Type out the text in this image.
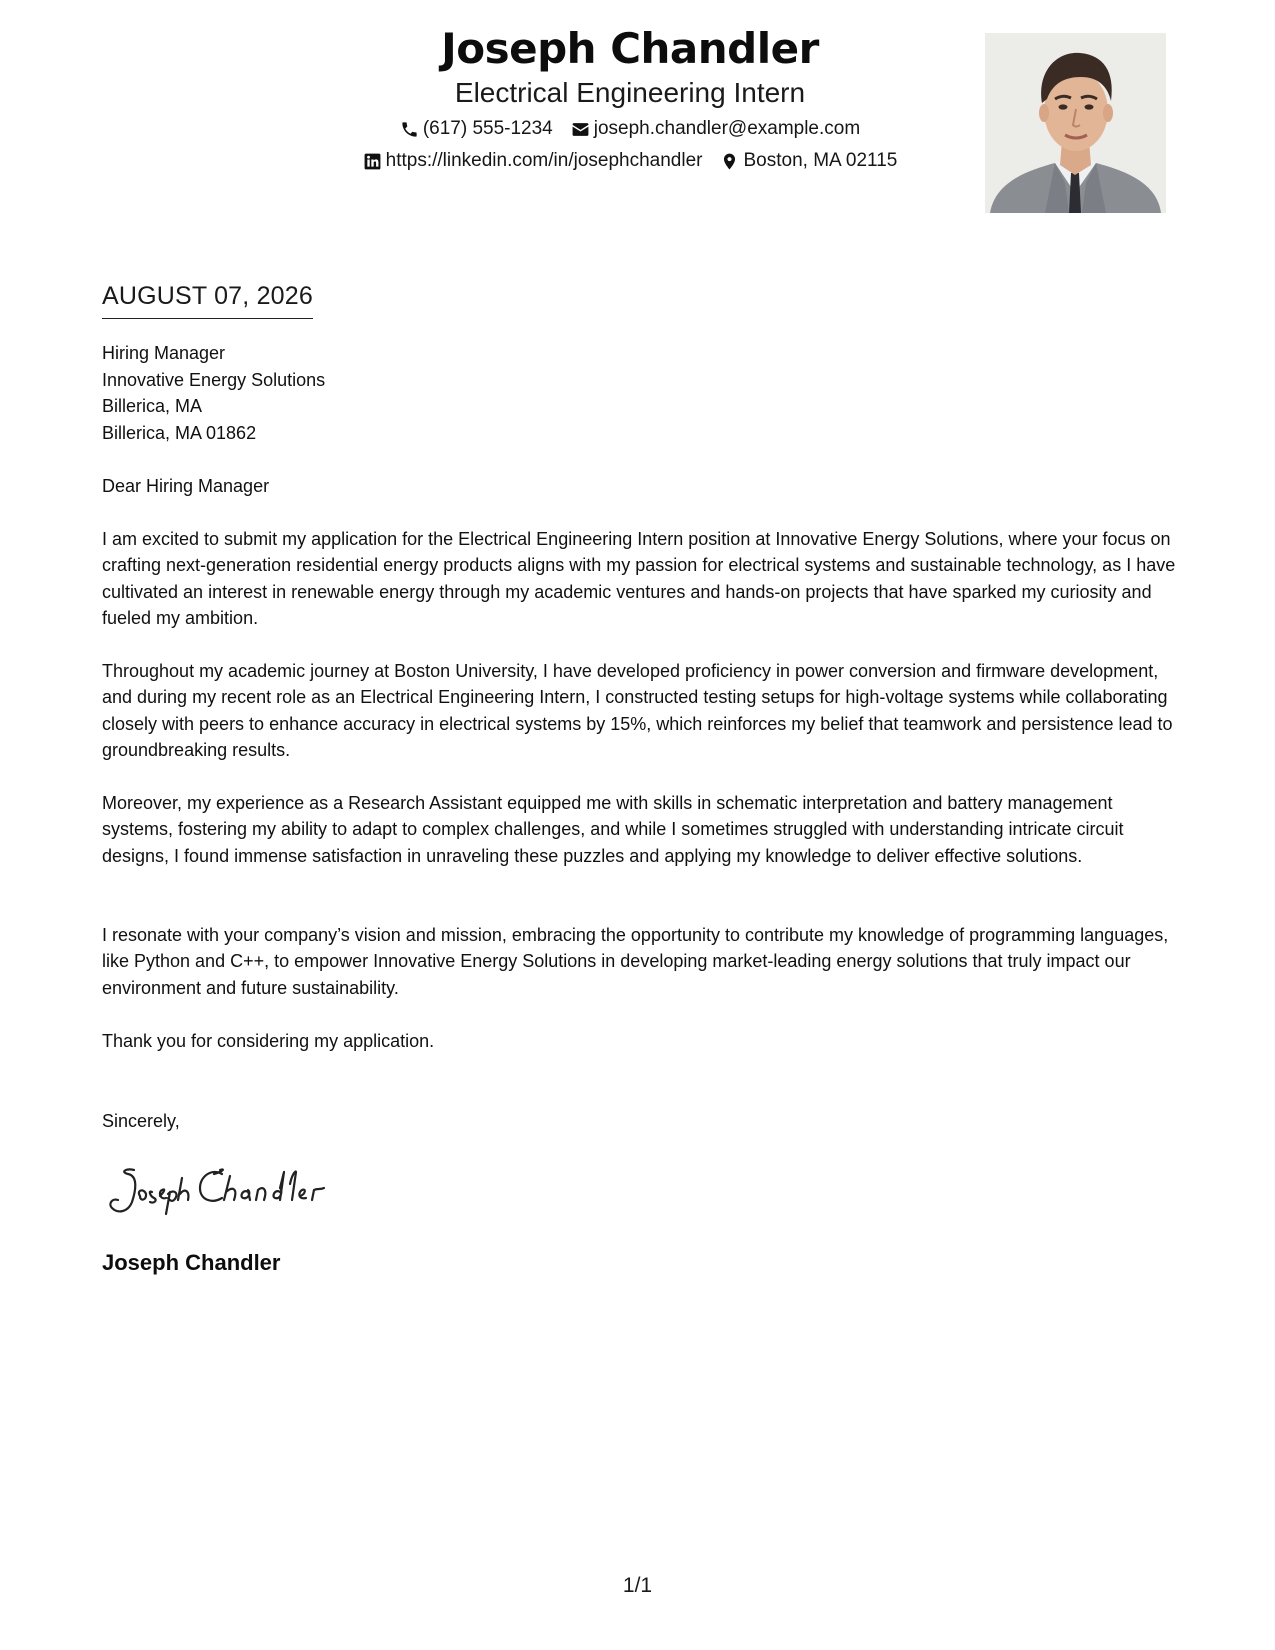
Joseph Chandler
Electrical Engineering Intern
(617) 555-1234 joseph.chandler@example.com
https://linkedin.com/in/josephchandler Boston, MA 02115
AUGUST 07, 2026
Hiring Manager
Innovative Energy Solutions
Billerica, MA
Billerica, MA 01862
Dear Hiring Manager
I am excited to submit my application for the Electrical Engineering Intern position at Innovative Energy Solutions, where your focus on crafting next-generation residential energy products aligns with my passion for electrical systems and sustainable technology, as I have cultivated an interest in renewable energy through my academic ventures and hands-on projects that have sparked my curiosity and fueled my ambition.
Throughout my academic journey at Boston University, I have developed proficiency in power conversion and firmware development, and during my recent role as an Electrical Engineering Intern, I constructed testing setups for high-voltage systems while collaborating closely with peers to enhance accuracy in electrical systems by 15%, which reinforces my belief that teamwork and persistence lead to groundbreaking results.
Moreover, my experience as a Research Assistant equipped me with skills in schematic interpretation and battery management systems, fostering my ability to adapt to complex challenges, and while I sometimes struggled with understanding intricate circuit designs, I found immense satisfaction in unraveling these puzzles and applying my knowledge to deliver effective solutions.
I resonate with your company’s vision and mission, embracing the opportunity to contribute my knowledge of programming languages, like Python and C++, to empower Innovative Energy Solutions in developing market-leading energy solutions that truly impact our environment and future sustainability.
Thank you for considering my application.
Sincerely,
Joseph Chandler
1/1
